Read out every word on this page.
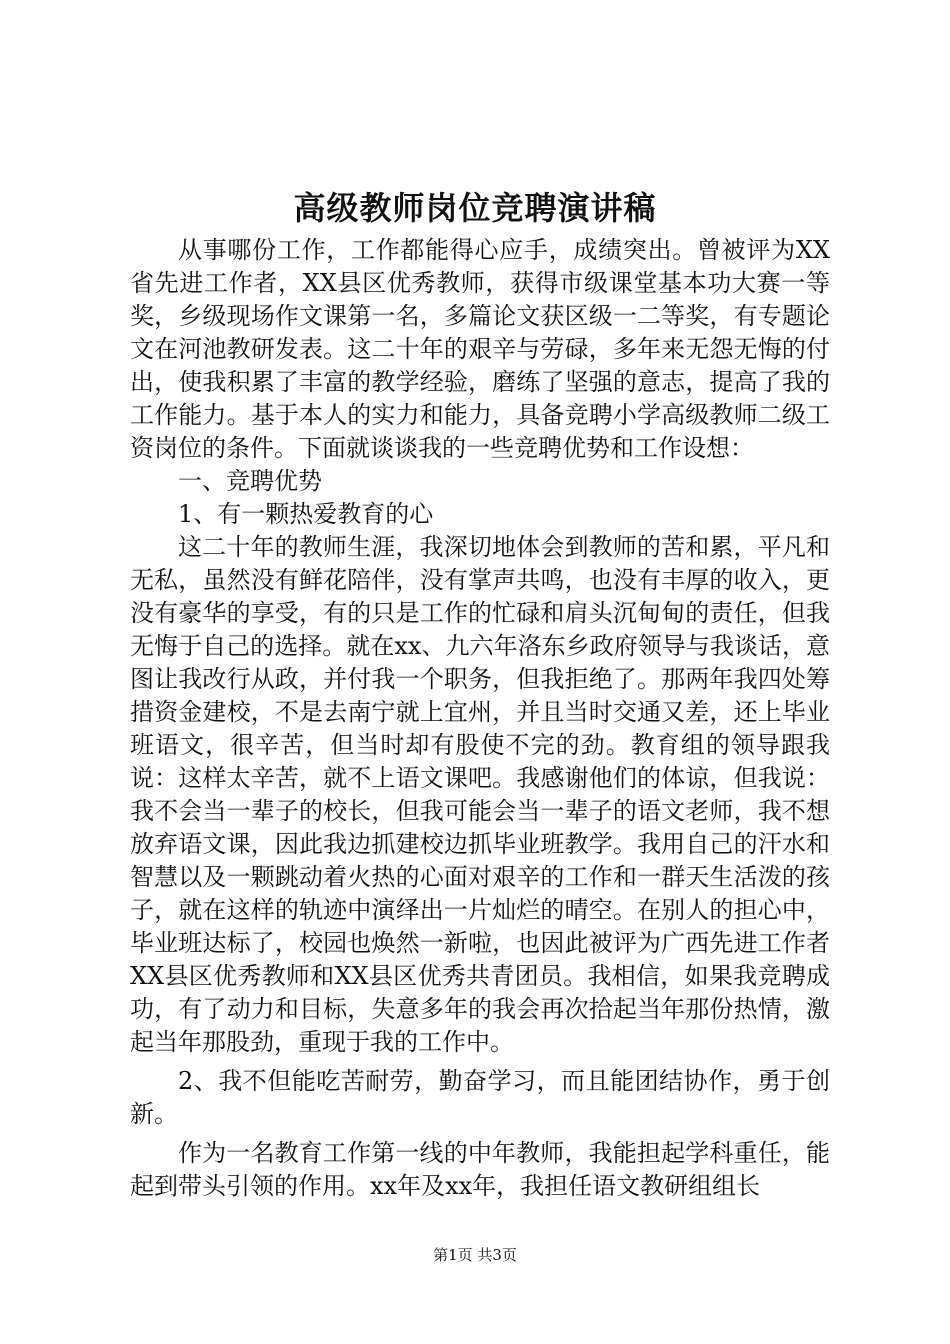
高级教师岗位竞聘演讲稿

从事哪份工作，工作都能得心应手，成绩突出。曾被评为XX省先进工作者，XX县区优秀教师，获得市级课堂基本功大赛一等奖，乡级现场作文课第一名，多篇论文获区级一二等奖，有专题论文在河池教研发表。这二十年的艰辛与劳碌，多年来无怨无悔的付出，使我积累了丰富的教学经验，磨练了坚强的意志，提高了我的工作能力。基于本人的实力和能力，具备竞聘小学高级教师二级工资岗位的条件。下面就谈谈我的一些竞聘优势和工作设想：

一、竞聘优势

1、有一颗热爱教育的心

这二十年的教师生涯，我深切地体会到教师的苦和累，平凡和无私，虽然没有鲜花陪伴，没有掌声共鸣，也没有丰厚的收入，更没有豪华的享受，有的只是工作的忙碌和肩头沉甸甸的责任，但我无悔于自己的选择。就在xx、九六年洛东乡政府领导与我谈话，意图让我改行从政，并付我一个职务，但我拒绝了。那两年我四处筹措资金建校，不是去南宁就上宜州，并且当时交通又差，还上毕业班语文，很辛苦，但当时却有股使不完的劲。教育组的领导跟我说：这样太辛苦，就不上语文课吧。我感谢他们的体谅，但我说：我不会当一辈子的校长，但我可能会当一辈子的语文老师，我不想放弃语文课，因此我边抓建校边抓毕业班教学。我用自己的汗水和智慧以及一颗跳动着火热的心面对艰辛的工作和一群天生活泼的孩子，就在这样的轨迹中演绎出一片灿烂的晴空。在别人的担心中，毕业班达标了，校园也焕然一新啦，也因此被评为广西先进工作者XX县区优秀教师和XX县区优秀共青团员。我相信，如果我竞聘成功，有了动力和目标，失意多年的我会再次拾起当年那份热情，激起当年那股劲，重现于我的工作中。

2、我不但能吃苦耐劳，勤奋学习，而且能团结协作，勇于创新。

作为一名教育工作第一线的中年教师，我能担起学科重任，能起到带头引领的作用。xx年及xx年，我担任语文教研组组长

第1页 共3页
